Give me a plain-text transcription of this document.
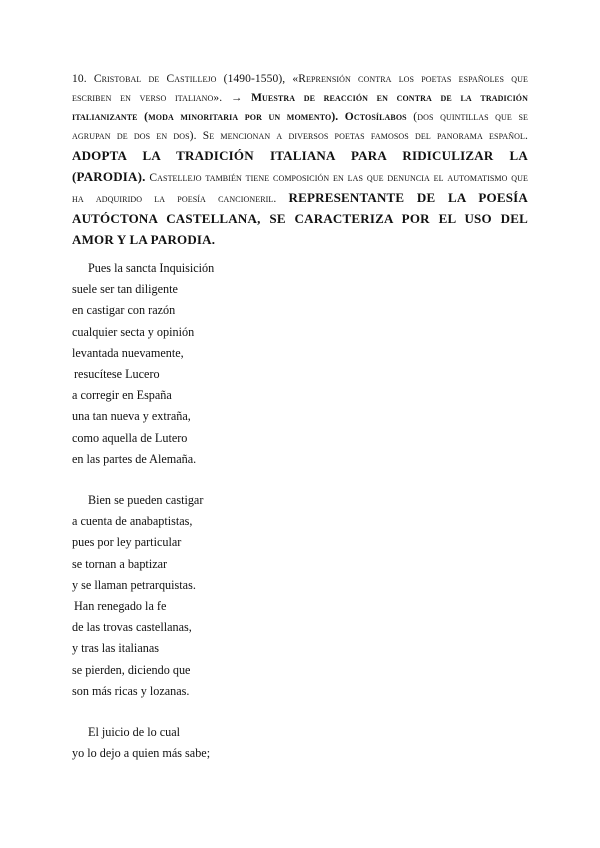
10. Cristobal de Castillejo (1490-1550), «Reprensión contra los poetas españoles que escriben en verso italiano». → Muestra de reacción en contra de la tradición italianizante (moda minoritaria por un momento). Octosílabos (dos quintillas que se agrupan de dos en dos). Se mencionan a diversos poetas famosos del panorama español. ADOPTA LA TRADICIÓN ITALIANA PARA RIDICULIZAR LA (PARODIA). Castellejo también tiene composición en las que denuncia el automatismo que ha adquirido la poesía cancioneril. REPRESENTANTE DE LA POESÍA AUTÓCTONA CASTELLANA, SE CARACTERIZA POR EL USO DEL AMOR Y LA PARODIA.
Pues la sancta Inquisición
suele ser tan diligente
en castigar con razón
cualquier secta y opinión
levantada nuevamente,
resucítese Lucero
a corregir en España
una tan nueva y extraña,
como aquella de Lutero
en las partes de Alemaña.
Bien se pueden castigar
a cuenta de anabaptistas,
pues por ley particular
se tornan a baptizar
y se llaman petrarquistas.
Han renegado la fe
de las trovas castellanas,
y tras las italianas
se pierden, diciendo que
son más ricas y lozanas.
El juicio de lo cual
yo lo dejo a quien más sabe;
